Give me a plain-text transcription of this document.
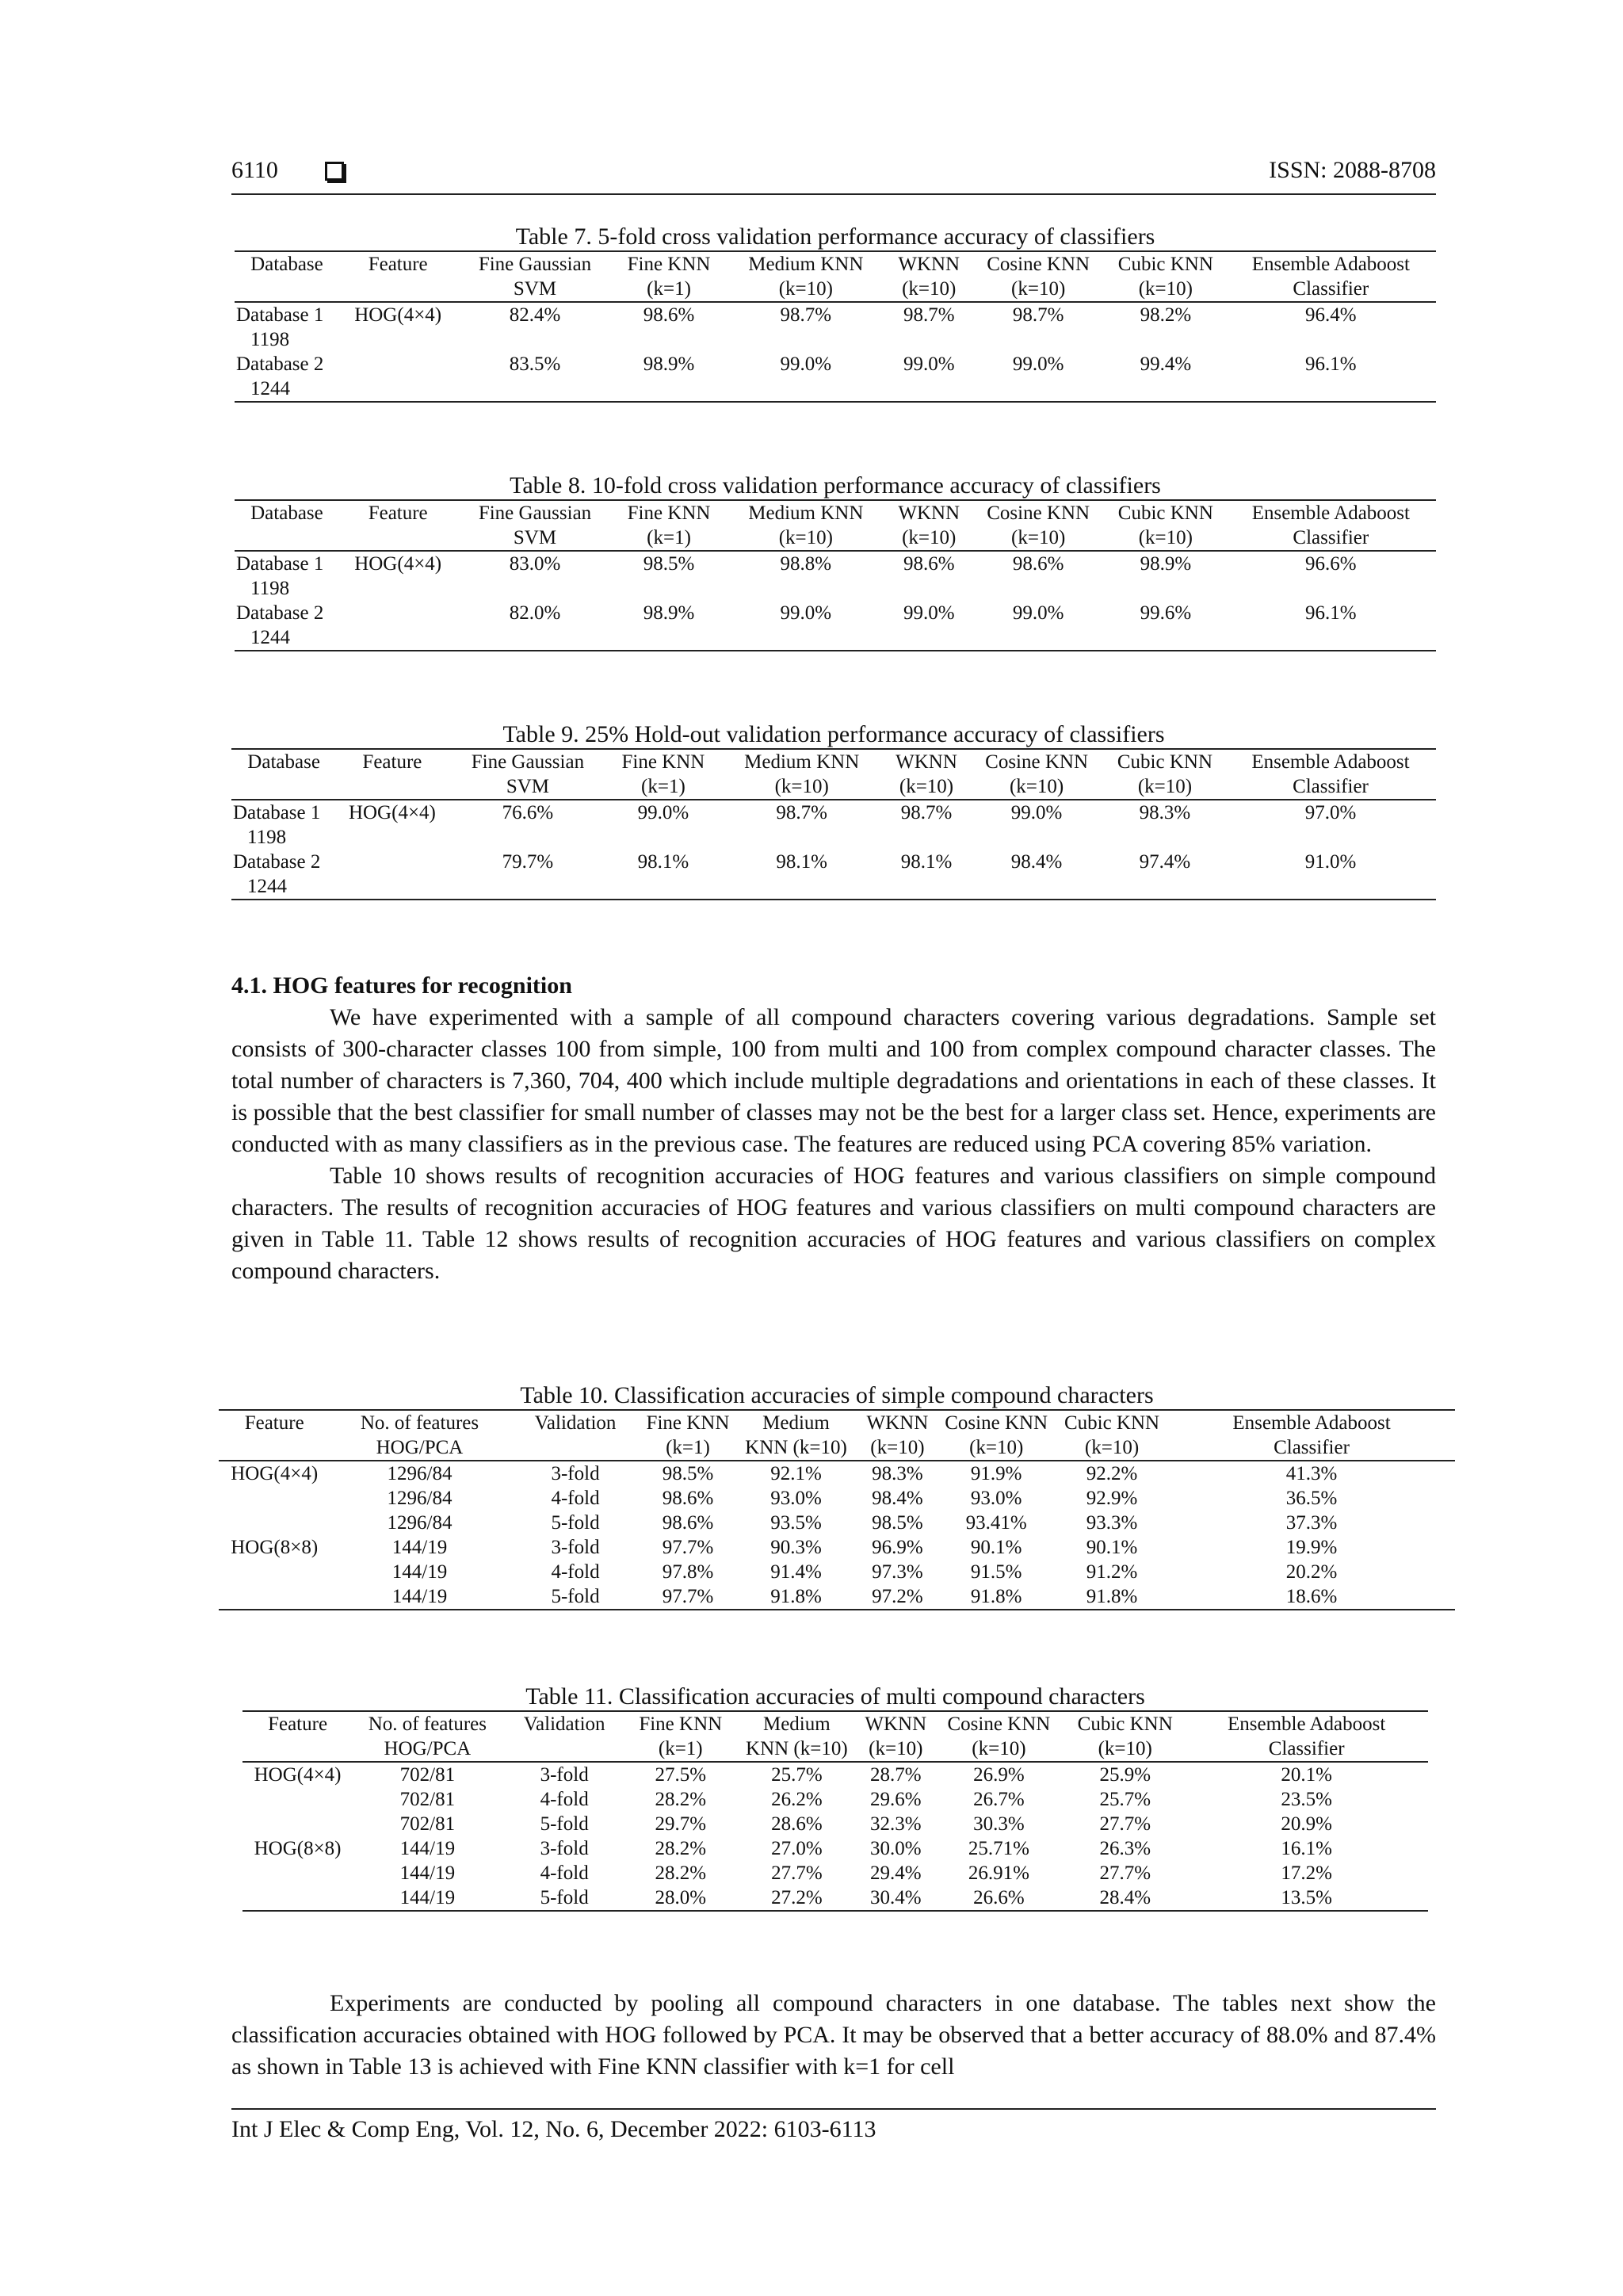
6110	ISSN: 2088-8708

Table 7. 5-fold cross validation performance accuracy of classifiers

Database	Feature	Fine Gaussian	Fine KNN	Medium KNN	WKNN	Cosine KNN	Cubic KNN	Ensemble Adaboost
		SVM	(k=1)	(k=10)	(k=10)	(k=10)	(k=10)	Classifier

Database 1
1198	HOG(4×4)	82.4%	98.6%	98.7%	98.7%	98.7%	98.2%	96.4%

Database 2
1244		83.5%	98.9%	99.0%	99.0%	99.0%	99.4%	96.1%

Table 8. 10-fold cross validation performance accuracy of classifiers

Database	Feature	Fine Gaussian	Fine KNN	Medium KNN	WKNN	Cosine KNN	Cubic KNN	Ensemble Adaboost
		SVM	(k=1)	(k=10)	(k=10)	(k=10)	(k=10)	Classifier

Database 1
1198	HOG(4×4)	83.0%	98.5%	98.8%	98.6%	98.6%	98.9%	96.6%

Database 2
1244		82.0%	98.9%	99.0%	99.0%	99.0%	99.6%	96.1%

Table 9. 25% Hold-out validation performance accuracy of classifiers

Database	Feature	Fine Gaussian	Fine KNN	Medium KNN	WKNN	Cosine KNN	Cubic KNN	Ensemble Adaboost
		SVM	(k=1)	(k=10)	(k=10)	(k=10)	(k=10)	Classifier

Database 1
1198	HOG(4×4)	76.6%	99.0%	98.7%	98.7%	99.0%	98.3%	97.0%

Database 2
1244		79.7%	98.1%	98.1%	98.1%	98.4%	97.4%	91.0%
4.1. HOG features for recognition

We have experimented with a sample of all compound characters covering various degradations. Sample set consists of 300-character classes 100 from simple, 100 from multi and 100 from complex compound character classes. The total number of characters is 7,360, 704, 400 which include multiple degradations and orientations in each of these classes. It is possible that the best classifier for small number of classes may not be the best for a larger class set. Hence, experiments are conducted with as many classifiers as in the previous case. The features are reduced using PCA covering 85% variation.

Table 10 shows results of recognition accuracies of HOG features and various classifiers on simple compound characters. The results of recognition accuracies of HOG features and various classifiers on multi compound characters are given in Table 11. Table 12 shows results of recognition accuracies of HOG features and various classifiers on complex compound characters.

Table 10. Classification accuracies of simple compound characters

Feature	No. of features	Validation	Fine KNN	Medium	WKNN	Cosine KNN	Cubic KNN	Ensemble Adaboost
	HOG/PCA		(k=1)	KNN (k=10)	(k=10)	(k=10)	(k=10)	Classifier

HOG(4×4)	1296/84	3-fold	98.5%	92.1%	98.3%	91.9%	92.2%	41.3%

	1296/84	4-fold	98.6%	93.0%	98.4%	93.0%	92.9%	36.5%

	1296/84	5-fold	98.6%	93.5%	98.5%	93.41%	93.3%	37.3%

HOG(8×8)	144/19	3-fold	97.7%	90.3%	96.9%	90.1%	90.1%	19.9%

	144/19	4-fold	97.8%	91.4%	97.3%	91.5%	91.2%	20.2%

	144/19	5-fold	97.7%	91.8%	97.2%	91.8%	91.8%	18.6%

Table 11. Classification accuracies of multi compound characters

Feature	No. of features	Validation	Fine KNN	Medium	WKNN	Cosine KNN	Cubic KNN	Ensemble Adaboost
	HOG/PCA		(k=1)	KNN (k=10)	(k=10)	(k=10)	(k=10)	Classifier

HOG(4×4)	702/81	3-fold	27.5%	25.7%	28.7%	26.9%	25.9%	20.1%

	702/81	4-fold	28.2%	26.2%	29.6%	26.7%	25.7%	23.5%

	702/81	5-fold	29.7%	28.6%	32.3%	30.3%	27.7%	20.9%

HOG(8×8)	144/19	3-fold	28.2%	27.0%	30.0%	25.71%	26.3%	16.1%

	144/19	4-fold	28.2%	27.7%	29.4%	26.91%	27.7%	17.2%

	144/19	5-fold	28.0%	27.2%	30.4%	26.6%	28.4%	13.5%

Experiments are conducted by pooling all compound characters in one database. The tables next show the classification accuracies obtained with HOG followed by PCA. It may be observed that a better accuracy of 88.0% and 87.4% as shown in Table 13 is achieved with Fine KNN classifier with k=1 for cell

Int J Elec & Comp Eng, Vol. 12, No. 6, December 2022: 6103-6113
